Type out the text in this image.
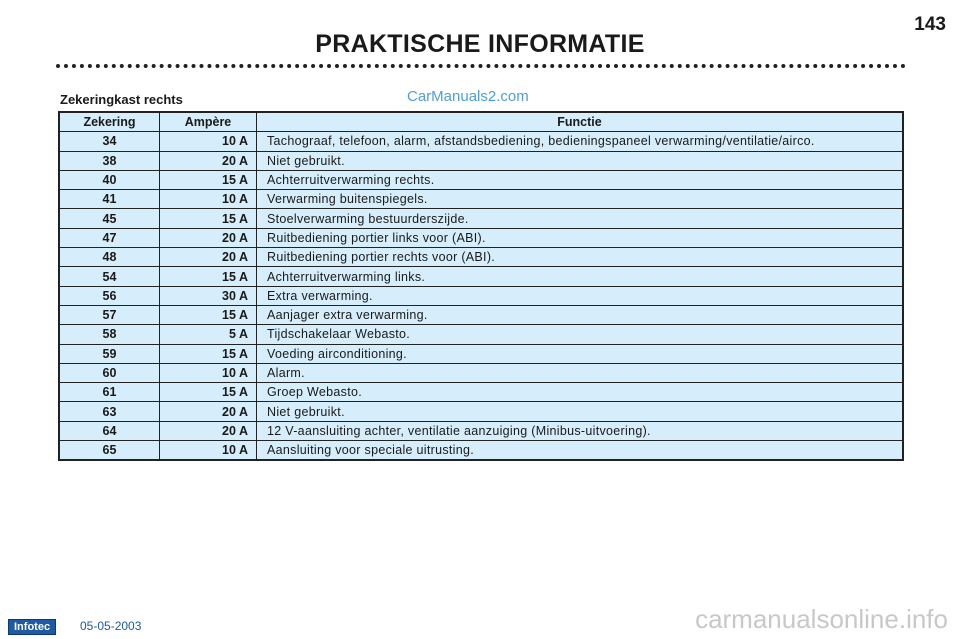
143
PRAKTISCHE INFORMATIE
Zekeringkast rechts	CarManuals2.com
Zekering	Ampère	Functie
34	10 A	Tachograaf, telefoon, alarm, afstandsbediening, bedieningspaneel verwarming/ventilatie/airco.
38	20 A	Niet gebruikt.
40	15 A	Achterruitverwarming rechts.
41	10 A	Verwarming buitenspiegels.
45	15 A	Stoelverwarming bestuurderszijde.
47	20 A	Ruitbediening portier links voor (ABI).
48	20 A	Ruitbediening portier rechts voor (ABI).
54	15 A	Achterruitverwarming links.
56	30 A	Extra verwarming.
57	15 A	Aanjager extra verwarming.
58	5 A	Tijdschakelaar Webasto.
59	15 A	Voeding airconditioning.
60	10 A	Alarm.
61	15 A	Groep Webasto.
63	20 A	Niet gebruikt.
64	20 A	12 V-aansluiting achter, ventilatie aanzuiging (Minibus-uitvoering).
65	10 A	Aansluiting voor speciale uitrusting.
Infotec	05-05-2003	carmanualsonline.info
